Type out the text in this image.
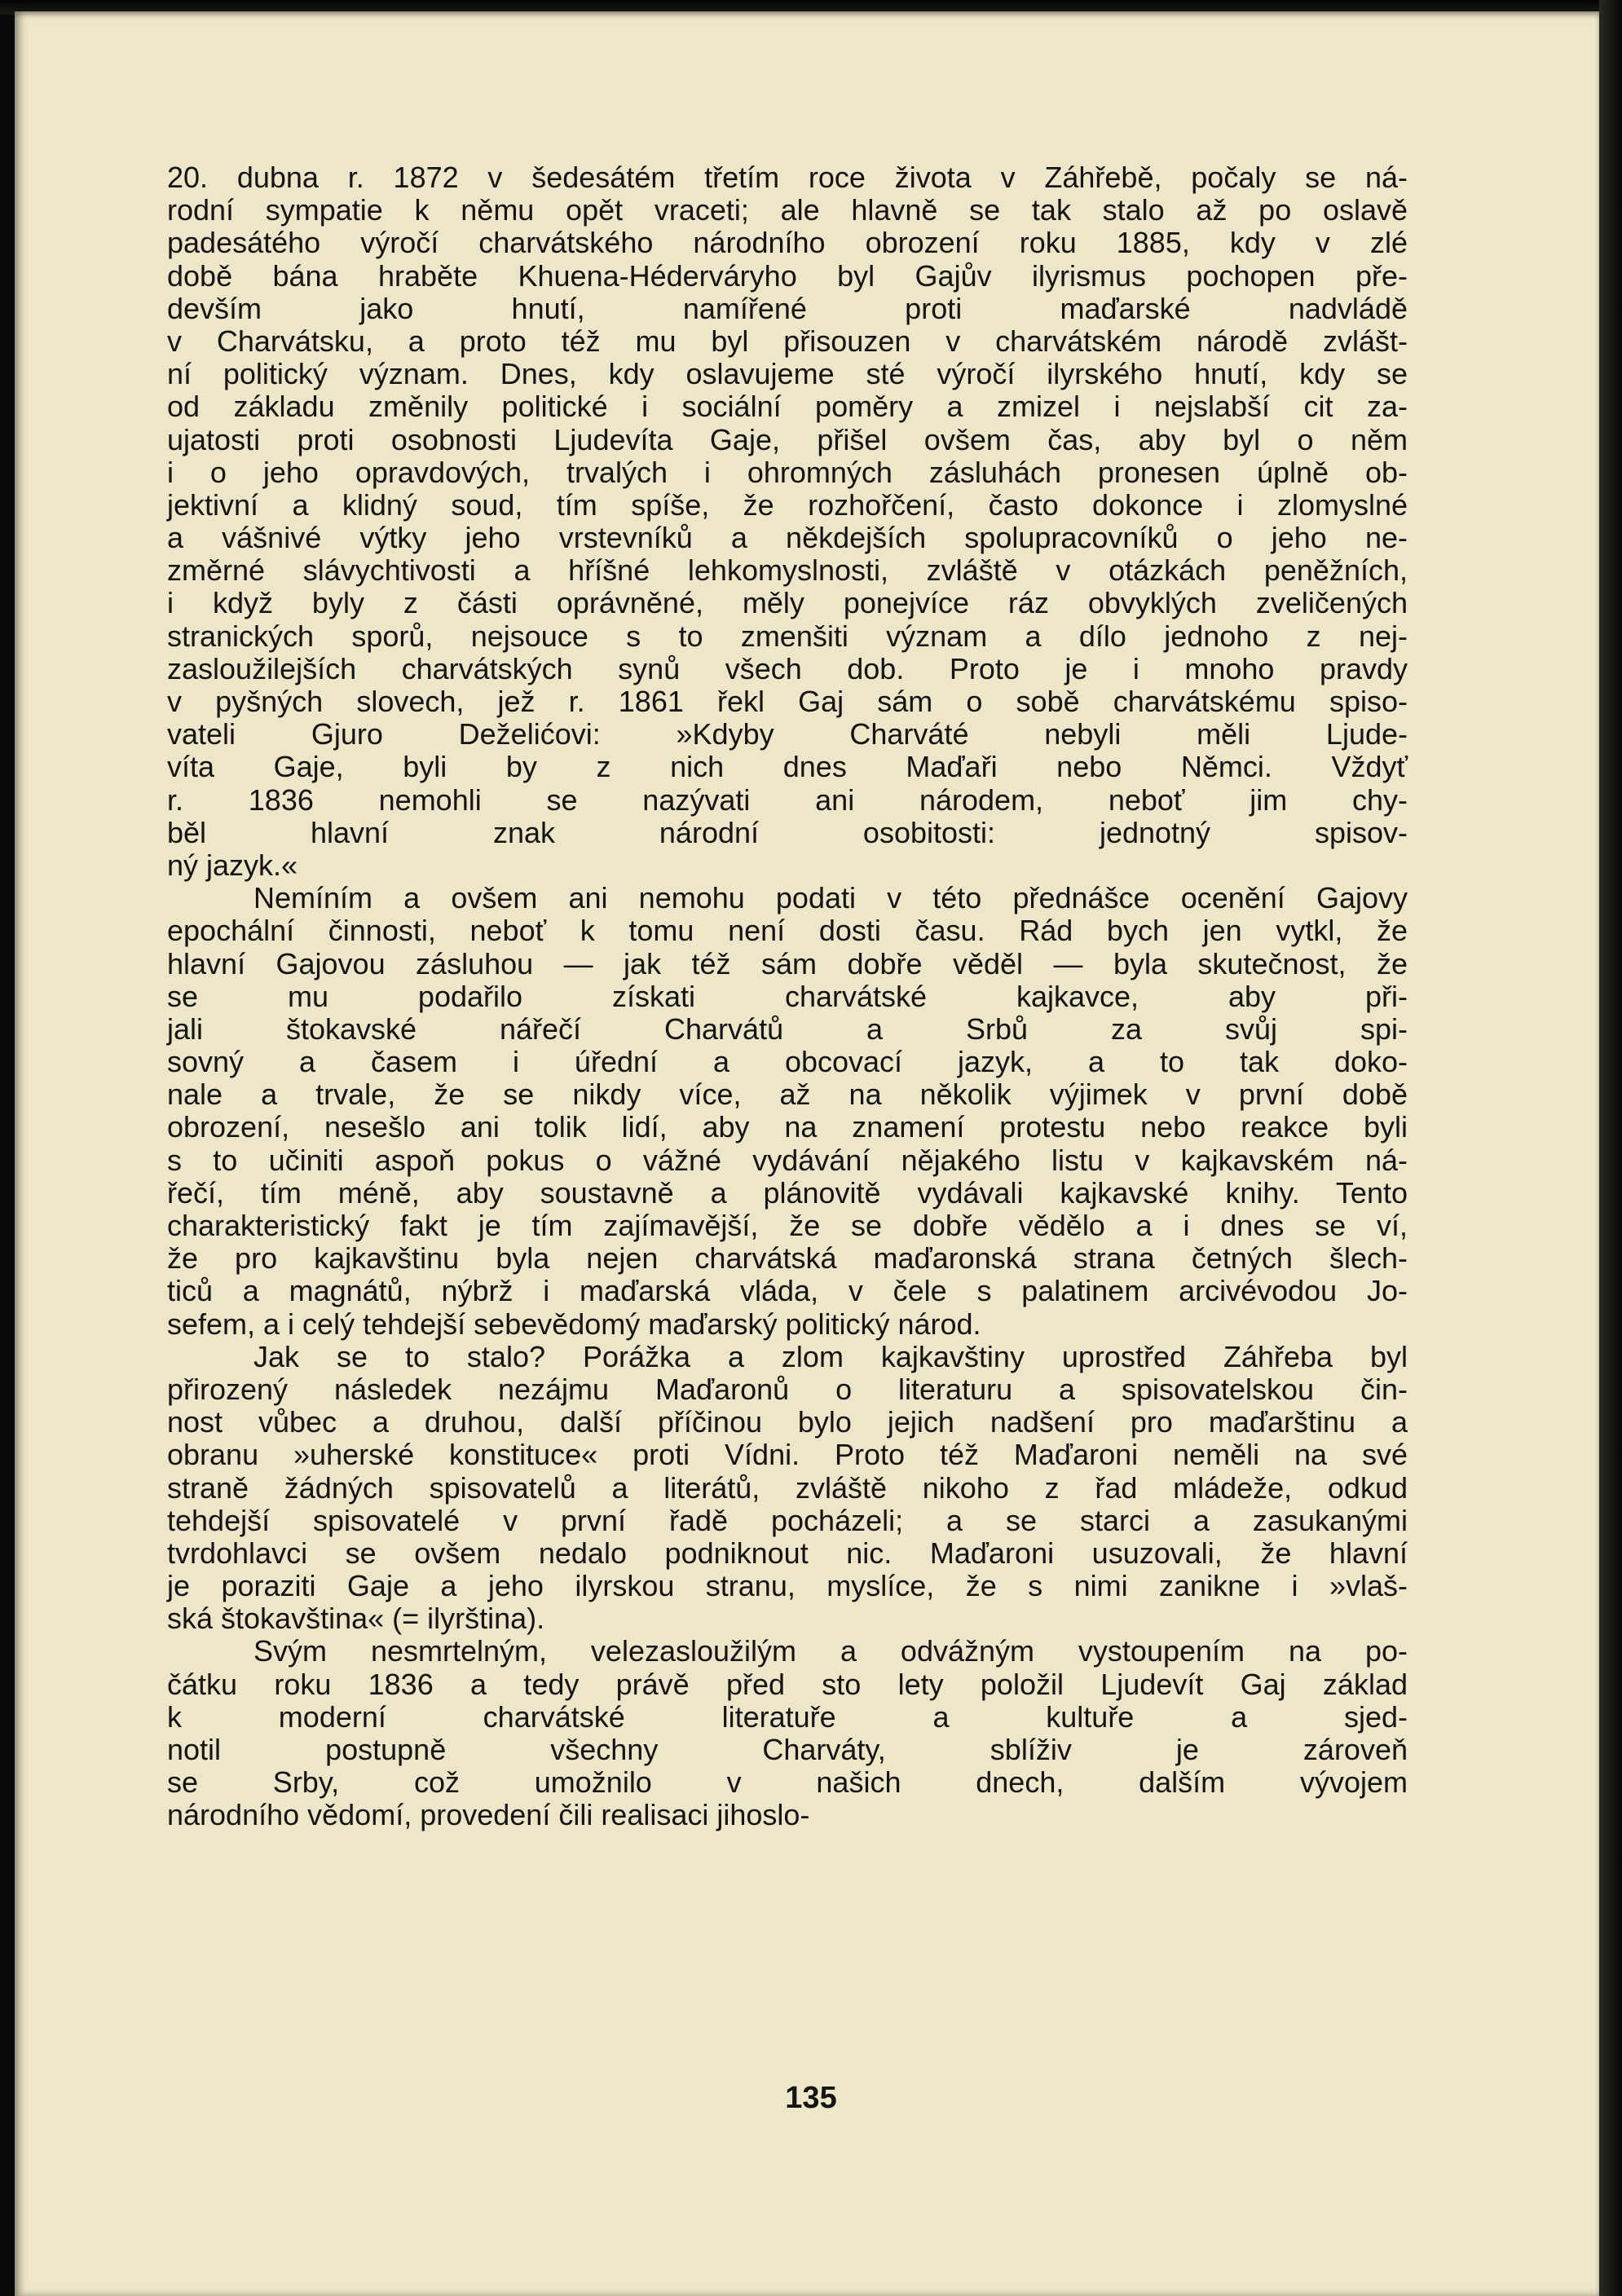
20. dubna r. 1872 v šedesátém třetím roce života v Záhřebě, počaly se ná-
rodní sympatie k němu opět vraceti; ale hlavně se tak stalo až po oslavě
padesátého výročí charvátského národního obrození roku 1885, kdy v zlé
době bána hraběte Khuena-Héderváryho byl Gajův ilyrismus pochopen pře-
devším jako hnutí, namířené proti maďarské nadvládě
v Charvátsku, a proto též mu byl přisouzen v charvátském národě zvlášt-
ní politický význam. Dnes, kdy oslavujeme sté výročí ilyrského hnutí, kdy se
od základu změnily politické i sociální poměry a zmizel i nejslabší cit za-
ujatosti proti osobnosti Ljudevíta Gaje, přišel ovšem čas, aby byl o něm
i o jeho opravdových, trvalých i ohromných zásluhách pronesen úplně ob-
jektivní a klidný soud, tím spíše, že rozhořčení, často dokonce i zlomyslné
a vášnivé výtky jeho vrstevníků a někdejších spolupracovníků o jeho ne-
změrné slávychtivosti a hříšné lehkomyslnosti, zvláště v otázkách peněžních,
i když byly z části oprávněné, měly ponejvíce ráz obvyklých zveličených
stranických sporů, nejsouce s to zmenšiti význam a dílo jednoho z nej-
zasloužilejších charvátských synů všech dob. Proto je i mnoho pravdy
v pyšných slovech, jež r. 1861 řekl Gaj sám o sobě charvátskému spiso-
vateli Gjuro Deželićovi: »Kdyby Charváté nebyli měli Ljude-
víta Gaje, byli by z nich dnes Maďaři nebo Němci. Vždyť
r. 1836 nemohli se nazývati ani národem, neboť jim chy-
běl hlavní znak národní osobitosti: jednotný spisov-
ný jazyk.«
Nemíním a ovšem ani nemohu podati v této přednášce ocenění Gajovy
epochální činnosti, neboť k tomu není dosti času. Rád bych jen vytkl, že
hlavní Gajovou zásluhou — jak též sám dobře věděl — byla skutečnost, že
se mu podařilo získati charvátské kajkavce, aby při-
jali štokavské nářečí Charvátů a Srbů za svůj spi-
sovný a časem i úřední a obcovací jazyk, a to tak doko-
nale a trvale, že se nikdy více, až na několik výjimek v první době
obrození, nesešlo ani tolik lidí, aby na znamení protestu nebo reakce byli
s to učiniti aspoň pokus o vážné vydávání nějakého listu v kajkavském ná-
řečí, tím méně, aby soustavně a plánovitě vydávali kajkavské knihy. Tento
charakteristický fakt je tím zajímavější, že se dobře vědělo a i dnes se ví,
že pro kajkavštinu byla nejen charvátská maďaronská strana četných šlech-
ticů a magnátů, nýbrž i maďarská vláda, v čele s palatinem arcivévodou Jo-
sefem, a i celý tehdejší sebevědomý maďarský politický národ.
Jak se to stalo? Porážka a zlom kajkavštiny uprostřed Záhřeba byl
přirozený následek nezájmu Maďaronů o literaturu a spisovatelskou čin-
nost vůbec a druhou, další příčinou bylo jejich nadšení pro maďarštinu a
obranu »uherské konstituce« proti Vídni. Proto též Maďaroni neměli na své
straně žádných spisovatelů a literátů, zvláště nikoho z řad mládeže, odkud
tehdejší spisovatelé v první řadě pocházeli; a se starci a zasukanými
tvrdohlavci se ovšem nedalo podniknout nic. Maďaroni usuzovali, že hlavní
je poraziti Gaje a jeho ilyrskou stranu, myslíce, že s nimi zanikne i »vlaš-
ská štokavština« (= ilyrština).
Svým nesmrtelným, velezasloužilým a odvážným vystoupením na po-
čátku roku 1836 a tedy právě před sto lety položil Ljudevít Gaj základ
k moderní charvátské literatuře a kultuře a sjed-
notil postupně všechny Charváty, sblíživ je zároveň
se Srby, což umožnilo v našich dnech, dalším vývojem
národního vědomí, provedení čili realisaci jihoslo-
135
